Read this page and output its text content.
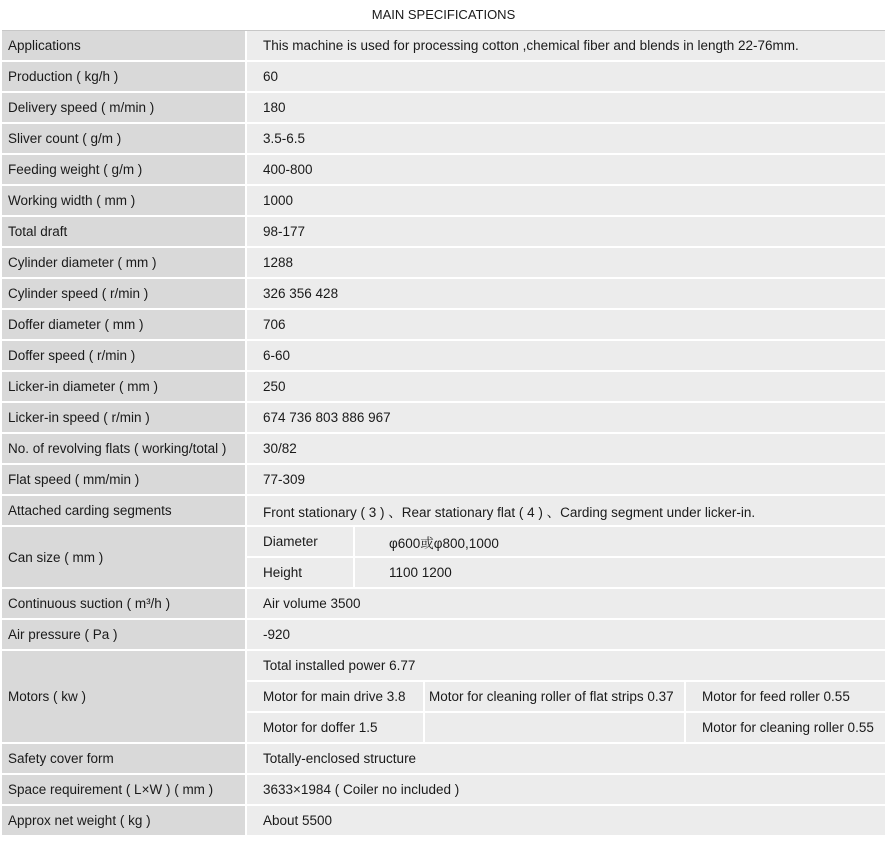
MAIN SPECIFICATIONS
Applications	This machine is used for processing cotton ,chemical fiber and blends in length 22-76mm.			
Production ( kg/h )	60			
Delivery speed ( m/min )	180			
Sliver count ( g/m )	3.5-6.5			
Feeding weight ( g/m )	400-800			
Working width ( mm )	1000			
Total draft	98-177			
Cylinder diameter ( mm )	1288			
Cylinder speed ( r/min )	326 356 428			
Doffer diameter ( mm )	706			
Doffer speed ( r/min )	6-60			
Licker-in diameter ( mm )	250			
Licker-in speed ( r/min )	674 736 803 886 967			
No. of revolving flats ( working/total )	30/82			
Flat speed ( mm/min )	77-309			
Attached carding segments	Front stationary ( 3 ) 、Rear stationary flat ( 4 ) 、Carding segment under licker-in.			
Can size ( mm )	Diameter	φ600或φ800,1000		
	Height	1100 1200		
Continuous suction ( m³/h )	Air volume 3500			
Air pressure ( Pa )	-920			
Motors ( kw )	Total installed power 6.77			
	Motor for main drive 3.8		Motor for cleaning roller of flat strips 0.37	Motor for feed roller 0.55
	Motor for doffer 1.5			Motor for cleaning roller 0.55
Safety cover form	Totally-enclosed structure			
Space requirement ( L×W ) ( mm )	3633×1984 ( Coiler no included )			
Approx net weight ( kg )	About 5500			
